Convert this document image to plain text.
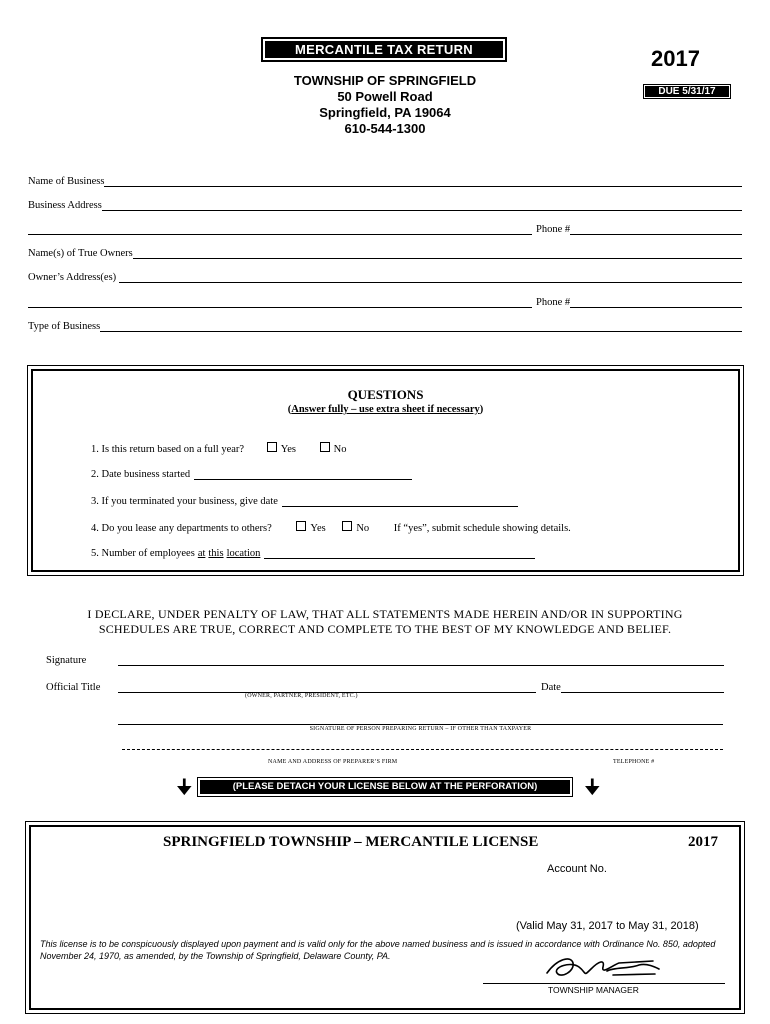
MERCANTILE TAX RETURN	2017
DUE 5/31/17
TOWNSHIP OF SPRINGFIELD
50 Powell Road
Springfield, PA 19064
610-544-1300
Name of Business
Business Address
Phone #
Name(s) of True Owners
Owner’s Address(es)
Phone #
Type of Business
QUESTIONS
(Answer fully – use extra sheet if necessary)
1. Is this return based on a full year?	Yes	No
2. Date business started
3. If you terminated your business, give date
4. Do you lease any departments to others?	Yes	No If “yes”, submit schedule showing details.
5. Number of employees at this location
I DECLARE, UNDER PENALTY OF LAW, THAT ALL STATEMENTS MADE HEREIN AND/OR IN SUPPORTING
SCHEDULES ARE TRUE, CORRECT AND COMPLETE TO THE BEST OF MY KNOWLEDGE AND BELIEF.
Signature
Official Title	Date
(OWNER, PARTNER, PRESIDENT, ETC.)
SIGNATURE OF PERSON PREPARING RETURN – IF OTHER THAN TAXPAYER
NAME AND ADDRESS OF PREPARER’S FIRM	TELEPHONE #
🠋	(PLEASE DETACH YOUR LICENSE BELOW AT THE PERFORATION)	🠋
SPRINGFIELD TOWNSHIP – MERCANTILE LICENSE	2017
Account No.
(Valid May 31, 2017 to May 31, 2018)
This license is to be conspicuously displayed upon payment and is valid only for the above named business and is issued in accordance with Ordinance No. 850, adopted November 24, 1970, as amended, by the Township of Springfield, Delaware County, PA.
TOWNSHIP MANAGER
